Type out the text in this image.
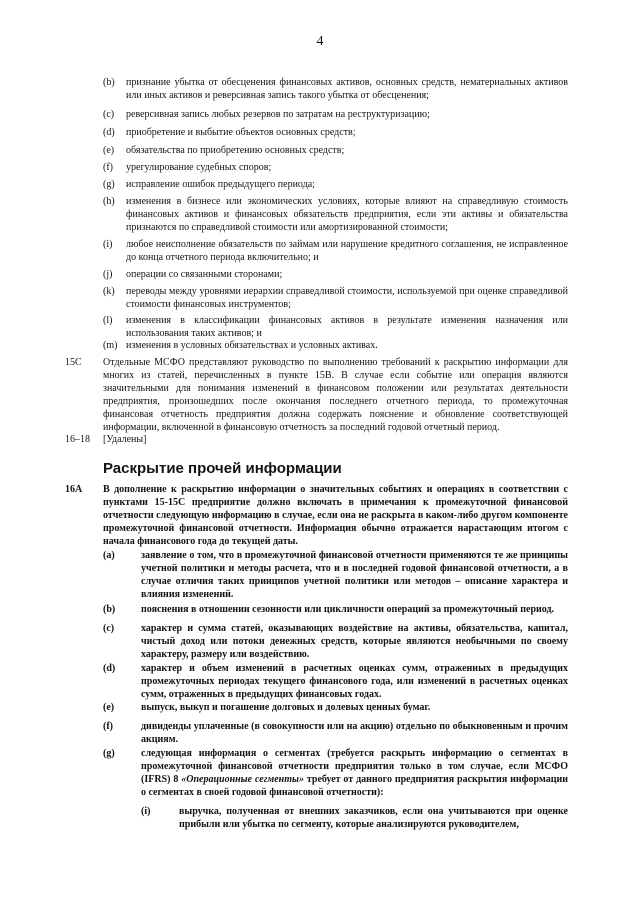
4
(b) признание убытка от обесценения финансовых активов, основных средств, нематериальных активов или иных активов и реверсивная запись такого убытка от обесценения;
(c) реверсивная запись любых резервов по затратам на реструктуризацию;
(d) приобретение и выбытие объектов основных средств;
(e) обязательства по приобретению основных средств;
(f) урегулирование судебных споров;
(g) исправление ошибок предыдущего периода;
(h) изменения в бизнесе или экономических условиях, которые влияют на справедливую стоимость финансовых активов и финансовых обязательств предприятия, если эти активы и обязательства признаются по справедливой стоимости или амортизированной стоимости;
(i) любое неисполнение обязательств по займам или нарушение кредитного соглашения, не исправленное до конца отчетного периода включительно; и
(j) операции со связанными сторонами;
(k) переводы между уровнями иерархии справедливой стоимости, используемой при оценке справедливой стоимости финансовых инструментов;
(l) изменения в классификации финансовых активов в результате изменения назначения или использования таких активов; и
(m) изменения в условных обязательствах и условных активах.
15C Отдельные МСФО представляют руководство по выполнению требований к раскрытию информации для многих из статей, перечисленных в пункте 15B. В случае если событие или операция являются значительными для понимания изменений в финансовом положении или результатах деятельности предприятия, произошедших после окончания последнего отчетного периода, то промежуточная финансовая отчетность предприятия должна содержать пояснение и обновление соответствующей информации, включенной в финансовую отчетность за последний годовой отчетный период.
16–18 [Удалены]
Раскрытие прочей информации
16A В дополнение к раскрытию информации о значительных событиях и операциях в соответствии с пунктами 15-15С предприятие должно включать в примечания к промежуточной финансовой отчетности следующую информацию в случае, если она не раскрыта в каком-либо другом компоненте промежуточной финансовой отчетности. Информация обычно отражается нарастающим итогом с начала финансового года до текущей даты.
(a)	заявление о том, что в промежуточной финансовой отчетности применяются те же принципы учетной политики и методы расчета, что и в последней годовой финансовой отчетности, а в случае отличия таких принципов учетной политики или методов – описание характера и влияния изменений.
(b)	пояснения в отношении сезонности или цикличности операций за промежуточный период.
(c)	характер и сумма статей, оказывающих воздействие на активы, обязательства, капитал, чистый доход или потоки денежных средств, которые являются необычными по своему характеру, размеру или воздействию.
(d)	характер и объем изменений в расчетных оценках сумм, отраженных в предыдущих промежуточных периодах текущего финансового года, или изменений в расчетных оценках сумм, отраженных в предыдущих финансовых годах.
(e)	выпуск, выкуп и погашение долговых и долевых ценных бумаг.
(f)	дивиденды уплаченные (в совокупности или на акцию) отдельно по обыкновенным и прочим акциям.
(g)	следующая информация о сегментах (требуется раскрыть информацию о сегментах в промежуточной финансовой отчетности предприятия только в том случае, если МСФО (IFRS) 8 «Операционные сегменты» требует от данного предприятия раскрытия информации о сегментах в своей годовой финансовой отчетности):
(i)	выручка, полученная от внешних заказчиков, если она учитываются при оценке прибыли или убытка по сегменту, которые анализируются руководителем,
